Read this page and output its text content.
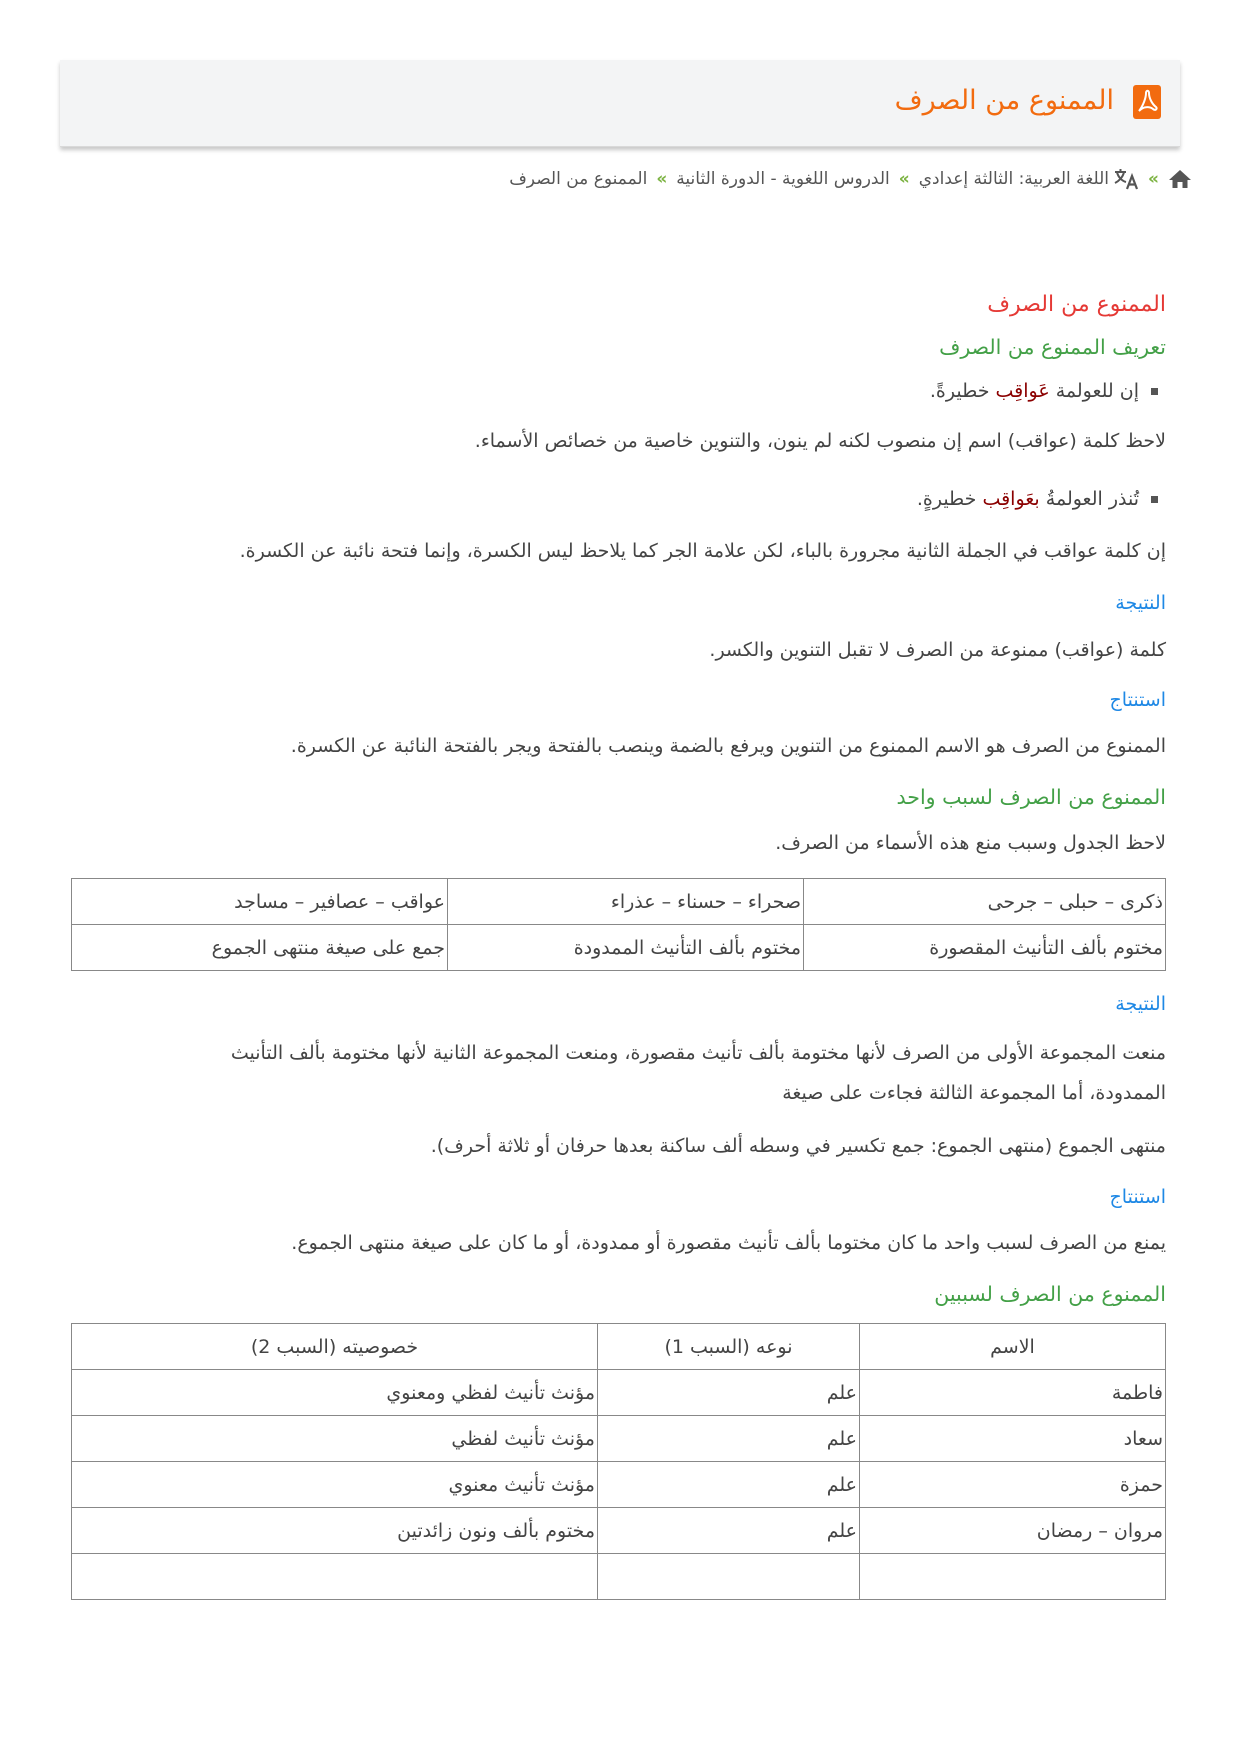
الممنوع من الصرف
»
اللغة العربية: الثالثة إعدادي
»
الدروس اللغوية - الدورة الثانية
»
الممنوع من الصرف

الممنوع من الصرف

تعريف الممنوع من الصرف

إن للعولمة عَواقِب خطيرةً.

لاحظ كلمة (عواقب) اسم إن منصوب لكنه لم ينون، والتنوين خاصية من خصائص الأسماء.

تُنذر العولمةُ بعَواقِب خطيرةٍ.

إن كلمة عواقب في الجملة الثانية مجرورة بالباء، لكن علامة الجر كما يلاحظ ليس الكسرة، وإنما فتحة نائبة عن الكسرة.

النتيجة

كلمة (عواقب) ممنوعة من الصرف لا تقبل التنوين والكسر.

استنتاج

الممنوع من الصرف هو الاسم الممنوع من التنوين ويرفع بالضمة وينصب بالفتحة ويجر بالفتحة النائبة عن الكسرة.

الممنوع من الصرف لسبب واحد

لاحظ الجدول وسبب منع هذه الأسماء من الصرف.

ذكرى – حبلى – جرحى	صحراء – حسناء – عذراء	عواقب – عصافير – مساجد
مختوم بألف التأنيث المقصورة	مختوم بألف التأنيث الممدودة	جمع على صيغة منتهى الجموع

النتيجة

منعت المجموعة الأولى من الصرف لأنها مختومة بألف تأنيث مقصورة، ومنعت المجموعة الثانية لأنها مختومة بألف التأنيث

الممدودة، أما المجموعة الثالثة فجاءت على صيغة

منتهى الجموع (منتهى الجموع: جمع تكسير في وسطه ألف ساكنة بعدها حرفان أو ثلاثة أحرف).

استنتاج

يمنع من الصرف لسبب واحد ما كان مختوما بألف تأنيث مقصورة أو ممدودة، أو ما كان على صيغة منتهى الجموع.

الممنوع من الصرف لسببين

الاسم	نوعه (السبب 1)	خصوصيته (السبب 2)
فاطمة	علم	مؤنث تأنيث لفظي ومعنوي
سعاد	علم	مؤنث تأنيث لفظي
حمزة	علم	مؤنث تأنيث معنوي
مروان – رمضان	علم	مختوم بألف ونون زائدتين
